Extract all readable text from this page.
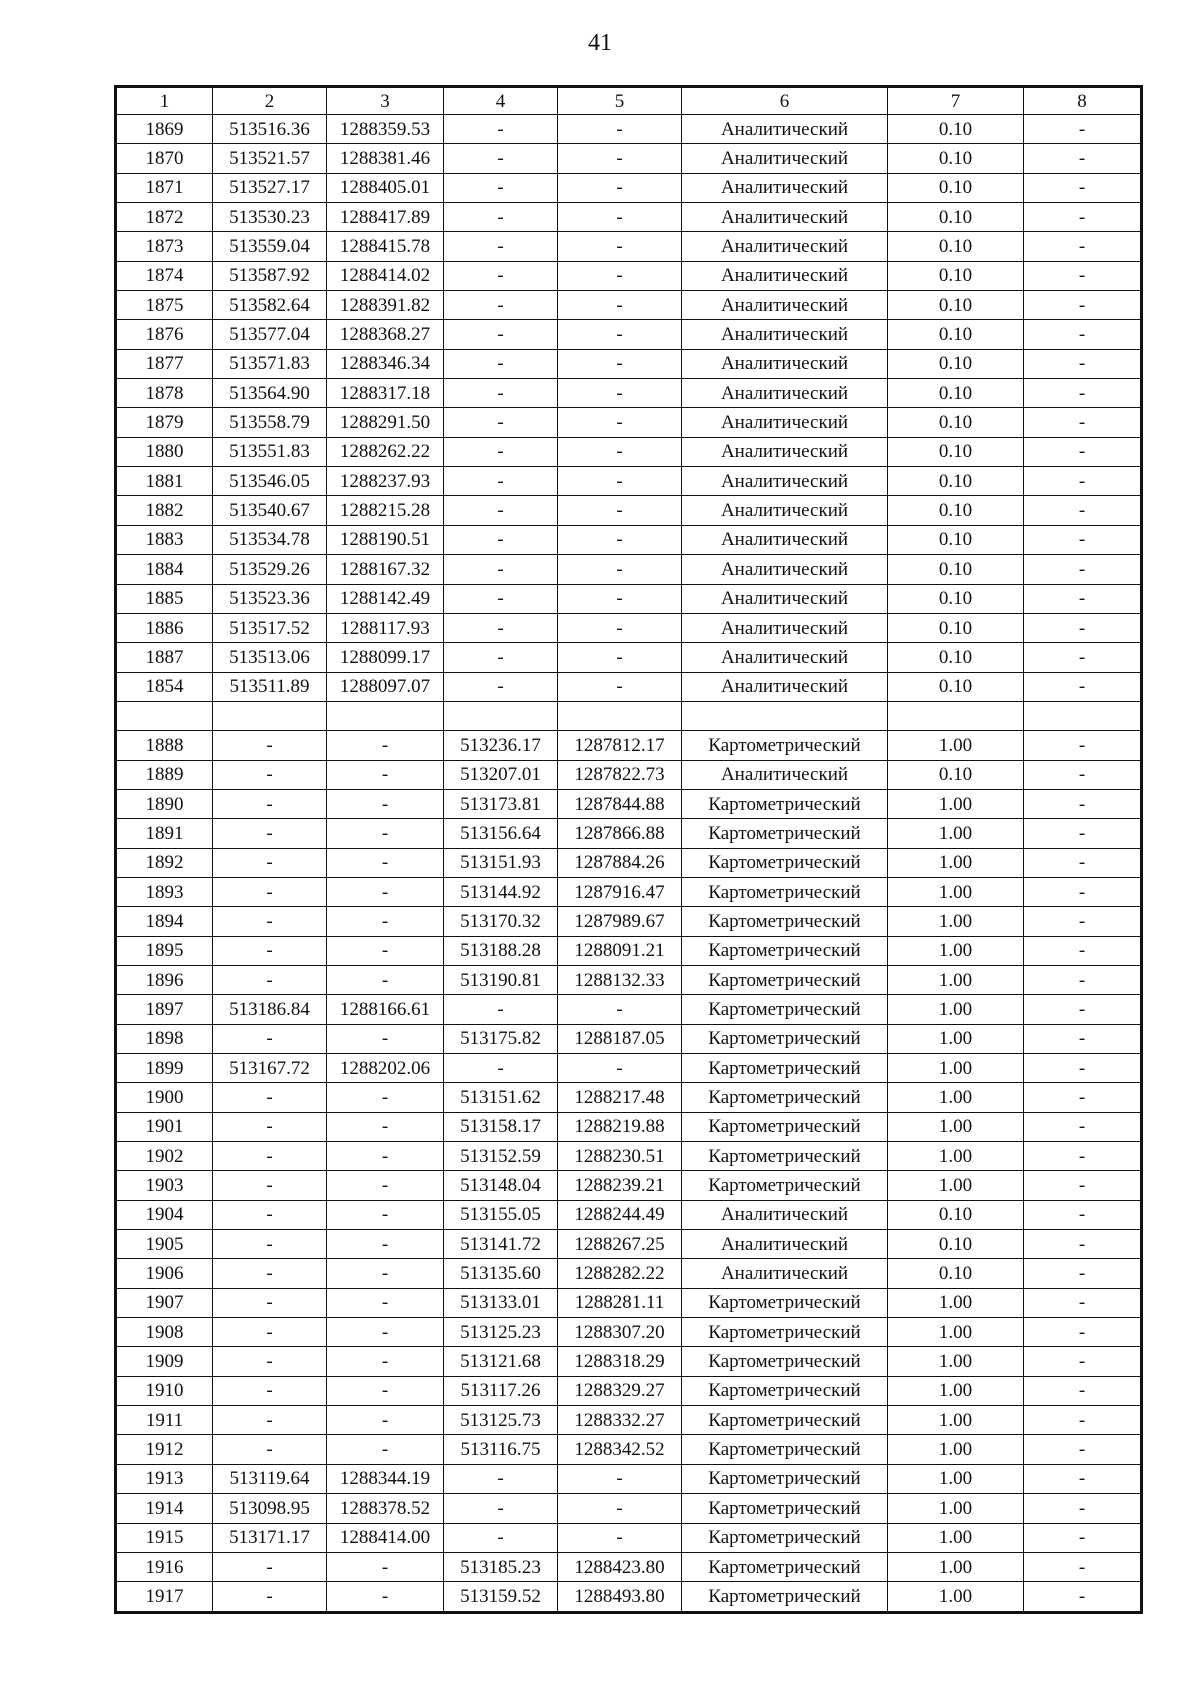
41
1	2	3	4	5	6	7	8
1869	513516.36	1288359.53	-	-	Аналитический	0.10	-
1870	513521.57	1288381.46	-	-	Аналитический	0.10	-
1871	513527.17	1288405.01	-	-	Аналитический	0.10	-
1872	513530.23	1288417.89	-	-	Аналитический	0.10	-
1873	513559.04	1288415.78	-	-	Аналитический	0.10	-
1874	513587.92	1288414.02	-	-	Аналитический	0.10	-
1875	513582.64	1288391.82	-	-	Аналитический	0.10	-
1876	513577.04	1288368.27	-	-	Аналитический	0.10	-
1877	513571.83	1288346.34	-	-	Аналитический	0.10	-
1878	513564.90	1288317.18	-	-	Аналитический	0.10	-
1879	513558.79	1288291.50	-	-	Аналитический	0.10	-
1880	513551.83	1288262.22	-	-	Аналитический	0.10	-
1881	513546.05	1288237.93	-	-	Аналитический	0.10	-
1882	513540.67	1288215.28	-	-	Аналитический	0.10	-
1883	513534.78	1288190.51	-	-	Аналитический	0.10	-
1884	513529.26	1288167.32	-	-	Аналитический	0.10	-
1885	513523.36	1288142.49	-	-	Аналитический	0.10	-
1886	513517.52	1288117.93	-	-	Аналитический	0.10	-
1887	513513.06	1288099.17	-	-	Аналитический	0.10	-
1854	513511.89	1288097.07	-	-	Аналитический	0.10	-

1888	-	-	513236.17	1287812.17	Картометрический	1.00	-
1889	-	-	513207.01	1287822.73	Аналитический	0.10	-
1890	-	-	513173.81	1287844.88	Картометрический	1.00	-
1891	-	-	513156.64	1287866.88	Картометрический	1.00	-
1892	-	-	513151.93	1287884.26	Картометрический	1.00	-
1893	-	-	513144.92	1287916.47	Картометрический	1.00	-
1894	-	-	513170.32	1287989.67	Картометрический	1.00	-
1895	-	-	513188.28	1288091.21	Картометрический	1.00	-
1896	-	-	513190.81	1288132.33	Картометрический	1.00	-
1897	513186.84	1288166.61	-	-	Картометрический	1.00	-
1898	-	-	513175.82	1288187.05	Картометрический	1.00	-
1899	513167.72	1288202.06	-	-	Картометрический	1.00	-
1900	-	-	513151.62	1288217.48	Картометрический	1.00	-
1901	-	-	513158.17	1288219.88	Картометрический	1.00	-
1902	-	-	513152.59	1288230.51	Картометрический	1.00	-
1903	-	-	513148.04	1288239.21	Картометрический	1.00	-
1904	-	-	513155.05	1288244.49	Аналитический	0.10	-
1905	-	-	513141.72	1288267.25	Аналитический	0.10	-
1906	-	-	513135.60	1288282.22	Аналитический	0.10	-
1907	-	-	513133.01	1288281.11	Картометрический	1.00	-
1908	-	-	513125.23	1288307.20	Картометрический	1.00	-
1909	-	-	513121.68	1288318.29	Картометрический	1.00	-
1910	-	-	513117.26	1288329.27	Картометрический	1.00	-
1911	-	-	513125.73	1288332.27	Картометрический	1.00	-
1912	-	-	513116.75	1288342.52	Картометрический	1.00	-
1913	513119.64	1288344.19	-	-	Картометрический	1.00	-
1914	513098.95	1288378.52	-	-	Картометрический	1.00	-
1915	513171.17	1288414.00	-	-	Картометрический	1.00	-
1916	-	-	513185.23	1288423.80	Картометрический	1.00	-
1917	-	-	513159.52	1288493.80	Картометрический	1.00	-
